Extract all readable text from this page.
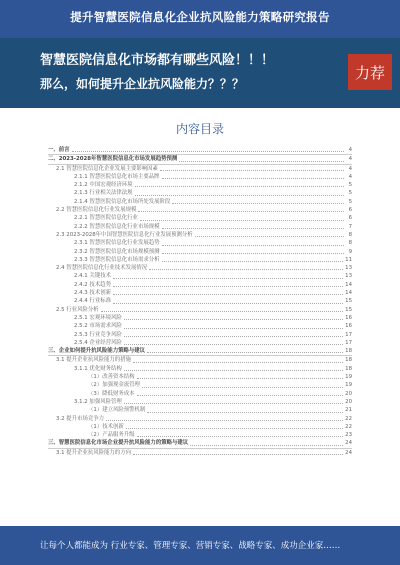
提升智慧医院信息化企业抗风险能力策略研究报告
智慧医院信息化市场都有哪些风险！！！
那么，如何提升企业抗风险能力？？？
力荐
内容目录
一、前言	4
二、2023-2028年智慧医院信息化市场发展趋势预测	4
2.1 智慧医院信息化企业发展主要影响因素	4
2.1.1 智慧医院信息化市场主要品牌	4
2.1.2 中国宏观经济环境	5
2.1.3 行业相关法律法规	5
2.1.4 智慧医院信息化市场所处发展阶段	5
2.2 智慧医院信息化行业发展规模	6
2.2.1 智慧医院信息化行业	6
2.2.2 智慧医院信息化行业市场规模	7
2.3 2023-2028年中国智慧医院信息化行业发展预测分析	8
2.3.1 智慧医院信息化行业发展趋势	8
2.3.2 智慧医院信息化市场规模预测	9
2.3.3 智慧医院信息化市场需求分析	11
2.4 智慧医院信息化行业技术发展情况	13
2.4.1 关键技术	13
2.4.2 技术趋势	14
2.4.3 技术创新	14
2.4.4 行业标准	15
2.5 行业风险分析	15
2.5.1 宏观环境风险	16
2.5.2 市场需求风险	16
2.5.3 行业竞争风险	17
2.5.4 企业经营风险	17
三、企业如何提升抗风险能力策略与建议	18
3.1 提升企业抗风险能力的措施	18
3.1.1 优化财务结构	18
（1）改善资本结构	19
（2）加强现金流管理	19
（3）降低财务成本	20
3.1.2 加强风险管理	20
（1）建立风险预警机制	21
3.2 提升市场竞争力	22
（1）技术创新	22
（2）产品服务升级	23
三、智慧医院信息化市场企业提升抗风险能力的策略与建议	24
3.1 提升企业抗风险能力的方向	24
让每个人都能成为 行业专家、管理专家、营销专家、战略专家、成功企业家……
